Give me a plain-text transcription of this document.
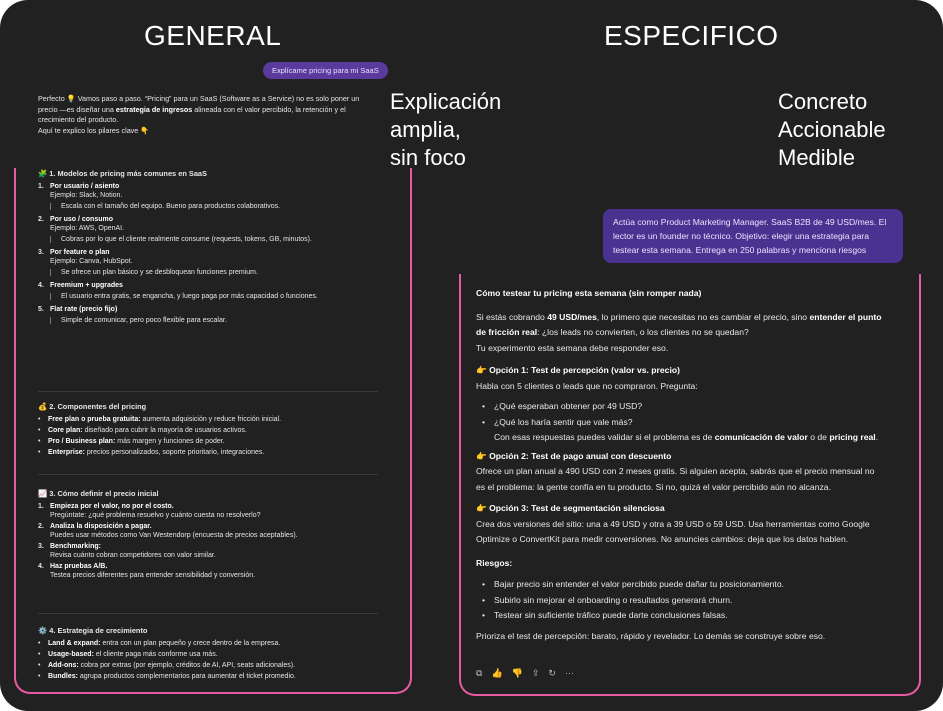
GENERAL	ESPECIFICO
Explicación
amplia,
sin foco
Concreto
Accionable
Medible
Explícame pricing para mi SaaS

Perfecto 💡 Vamos paso a paso. “Pricing” para un SaaS (Software as a Service) no es solo poner un

precio —es diseñar una estrategia de ingresos alineada con el valor percibido, la retención y el

crecimiento del producto.

Aquí te explico los pilares clave 👇

🧩 1. Modelos de pricing más comunes en SaaS
1. Por usuario / asiento
Ejemplo: Slack, Notion.
Escala con el tamaño del equipo. Bueno para productos colaborativos.
2. Por uso / consumo
Ejemplo: AWS, OpenAI.
Cobras por lo que el cliente realmente consume (requests, tokens, GB, minutos).
3. Por feature o plan
Ejemplo: Canva, HubSpot.
Se ofrece un plan básico y se desbloquean funciones premium.
4. Freemium + upgrades
El usuario entra gratis, se engancha, y luego paga por más capacidad o funciones.
5. Flat rate (precio fijo)
Simple de comunicar, pero poco flexible para escalar.
💰 2. Componentes del pricing
• Free plan o prueba gratuita: aumenta adquisición y reduce fricción inicial.
• Core plan: diseñado para cubrir la mayoría de usuarios activos.
• Pro / Business plan: más margen y funciones de poder.
• Enterprise: precios personalizados, soporte prioritario, integraciones.
📈 3. Cómo definir el precio inicial
1. Empieza por el valor, no por el costo.
Pregúntate: ¿qué problema resuelvo y cuánto cuesta no resolverlo?
2. Analiza la disposición a pagar.
Puedes usar métodos como Van Westendorp (encuesta de precios aceptables).
3. Benchmarking:
Revisa cuánto cobran competidores con valor similar.
4. Haz pruebas A/B.
Testea precios diferentes para entender sensibilidad y conversión.
⚙️ 4. Estrategia de crecimiento
• Land & expand: entra con un plan pequeño y crece dentro de la empresa.
• Usage-based: el cliente paga más conforme usa más.
• Add-ons: cobra por extras (por ejemplo, créditos de AI, API, seats adicionales).
• Bundles: agrupa productos complementarios para aumentar el ticket promedio.
Actúa como Product Marketing Manager. SaaS B2B de 49 USD/mes. El lector es un founder no técnico. Objetivo: elegir una estrategia para testear esta semana. Entrega en 250 palabras y menciona riesgos

Cómo testear tu pricing esta semana (sin romper nada)

Si estás cobrando 49 USD/mes, lo primero que necesitas no es cambiar el precio, sino entender el punto

de fricción real: ¿los leads no convierten, o los clientes no se quedan?

Tu experimento esta semana debe responder eso.

👉 Opción 1: Test de percepción (valor vs. precio)

Habla con 5 clientes o leads que no compraron. Pregunta:

• ¿Qué esperaban obtener por 49 USD?
• ¿Qué los haría sentir que vale más?

Con esas respuestas puedes validar si el problema es de comunicación de valor o de pricing real.

👉 Opción 2: Test de pago anual con descuento

Ofrece un plan anual a 490 USD con 2 meses gratis. Si alguien acepta, sabrás que el precio mensual no

es el problema: la gente confía en tu producto. Si no, quizá el valor percibido aún no alcanza.

👉 Opción 3: Test de segmentación silenciosa

Crea dos versiones del sitio: una a 49 USD y otra a 39 USD o 59 USD. Usa herramientas como Google

Optimize o ConvertKit para medir conversiones. No anuncies cambios: deja que los datos hablen.

Riesgos:

• Bajar precio sin entender el valor percibido puede dañar tu posicionamiento.
• Subirlo sin mejorar el onboarding o resultados generará churn.
• Testear sin suficiente tráfico puede darte conclusiones falsas.

Prioriza el test de percepción: barato, rápido y revelador. Lo demás se construye sobre eso.

⧉ 👍 👎 ⇪ ↻ ···
